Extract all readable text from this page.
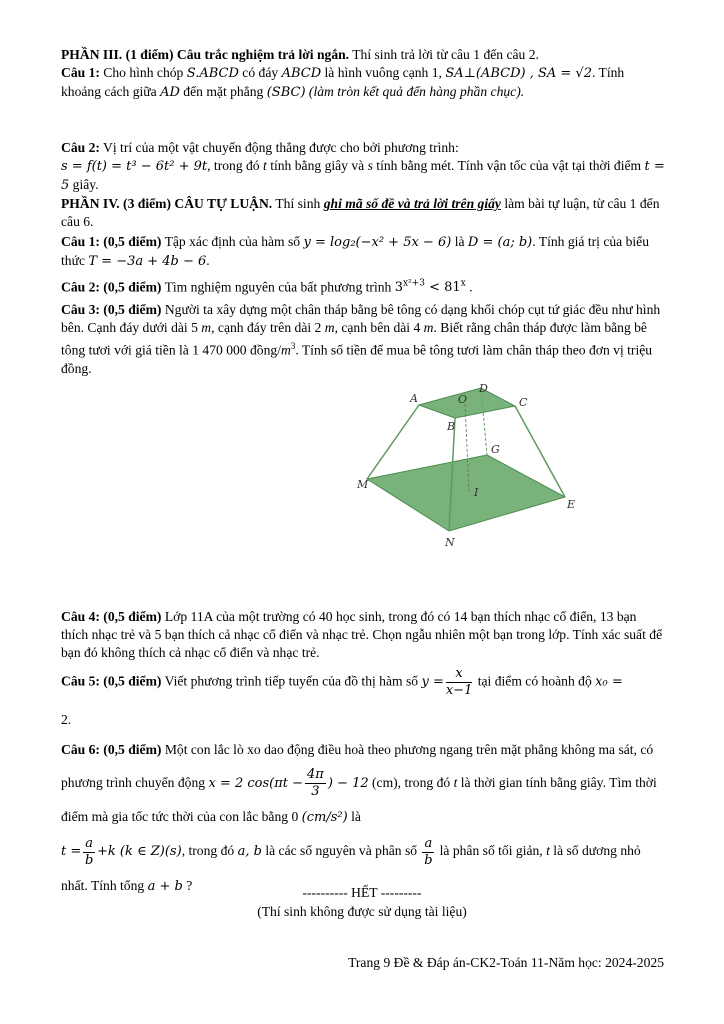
PHẦN III. (1 điểm) Câu trắc nghiệm trả lời ngắn. Thí sinh trả lời từ câu 1 đến câu 2.

Câu 1: Cho hình chóp S.ABCD có đáy ABCD là hình vuông cạnh 1, SA⊥(ABCD) , SA = √2. Tính khoảng cách giữa AD đến mặt phẳng (SBC) (làm tròn kết quả đến hàng phần chục).

Câu 2: Vị trí của một vật chuyển động thẳng được cho bởi phương trình:
s = f(t) = t³ − 6t² + 9t, trong đó t tính bằng giây và s tính bằng mét. Tính vận tốc của vật tại thời điểm t = 5 giây.

PHẦN IV. (3 điểm) CÂU TỰ LUẬN. Thí sinh ghi mã số đề và trả lời trên giấy làm bài tự luận, từ câu 1 đến câu 6.

Câu 1: (0,5 điểm) Tập xác định của hàm số y = log₂(−x² + 5x − 6) là D = (a; b). Tính giá trị của biểu thức T = −3a + 4b − 6.

Câu 2: (0,5 điểm) Tìm nghiệm nguyên của bất phương trình $3^{x^2+3} < 81^x$ .

Câu 3: (0,5 điểm) Người ta xây dựng một chân tháp bằng bê tông có dạng khối chóp cụt tứ giác đều như hình bên. Cạnh đáy dưới dài 5 m, cạnh đáy trên dài 2 m, cạnh bên dài 4 m. Biết rằng chân tháp được làm bằng bê tông tươi với giá tiền là 1 470 000 đồng/$m^3$. Tính số tiền để mua bê tông tươi làm chân tháp theo đơn vị triệu đồng.

A
B
C
D
O
G
I
M
N
E

Câu 4: (0,5 điểm) Lớp 11A của một trường có 40 học sinh, trong đó có 14 bạn thích nhạc cổ điển, 13 bạn thích nhạc trẻ và 5 bạn thích cả nhạc cổ điển và nhạc trẻ. Chọn ngẫu nhiên một bạn trong lớp. Tính xác suất để bạn đó không thích cả nhạc cổ điển và nhạc trẻ.

Câu 5: (0,5 điểm) Viết phương trình tiếp tuyến của đồ thị hàm số $y = \frac{x}{x-1}$ tại điểm có hoành độ x₀ =

2.

Câu 6: (0,5 điểm) Một con lắc lò xo dao động điều hoà theo phương ngang trên mặt phẳng không ma sát, có phương trình chuyển động x = 2 $\cos(\pi t - \frac{4\pi}{3}$ ) − 12 (cm), trong đó t là thời gian tính bằng giây. Tìm thời điểm mà gia tốc tức thời của con lắc bằng 0 (cm/s²) là
$t = \frac{a}{b} +k$ (k ∈ Z)(s), trong đó a, b là các số nguyên và phân số $\frac{a}{b}$ là phân số tối giản, t là số dương nhỏ nhất. Tính tổng a + b ?	---------- HẾT ---------
(Thí sinh không được sử dụng tài liệu)
Trang 9 Đề & Đáp án-CK2-Toán 11-Năm học: 2024-2025
